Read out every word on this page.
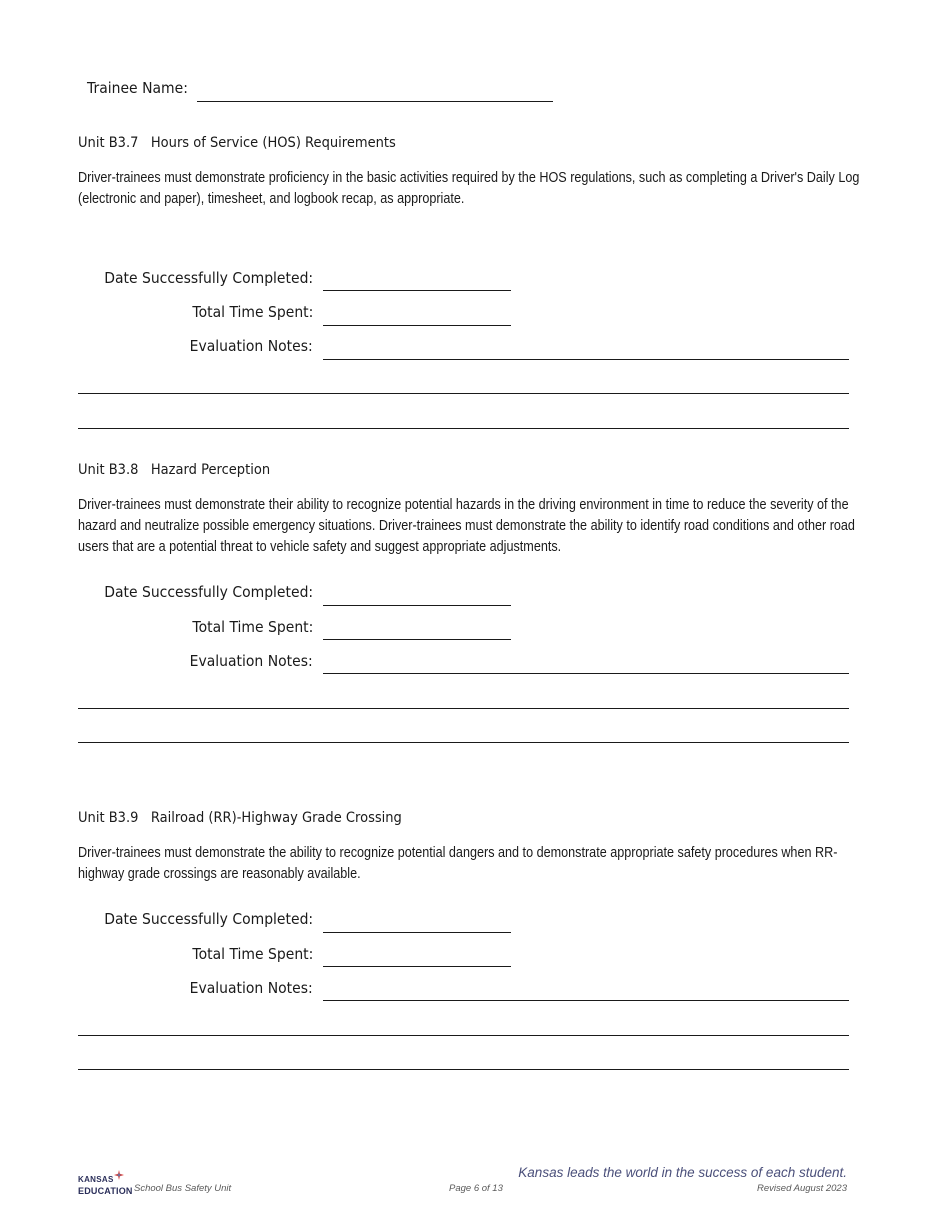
Trainee Name:
Unit B3.7 Hours of Service (HOS) Requirements
Driver-trainees must demonstrate proficiency in the basic activities required by the HOS regulations, such as completing a Driver's Daily Log (electronic and paper), timesheet, and logbook recap, as appropriate.
Date Successfully Completed:
Total Time Spent:
Evaluation Notes:
Unit B3.8 Hazard Perception
Driver-trainees must demonstrate their ability to recognize potential hazards in the driving environment in time to reduce the severity of the hazard and neutralize possible emergency situations. Driver-trainees must demonstrate the ability to identify road conditions and other road users that are a potential threat to vehicle safety and suggest appropriate adjustments.
Date Successfully Completed:
Total Time Spent:
Evaluation Notes:
Unit B3.9 Railroad (RR)-Highway Grade Crossing
Driver-trainees must demonstrate the ability to recognize potential dangers and to demonstrate appropriate safety procedures when RR-highway grade crossings are reasonably available.
Date Successfully Completed:
Total Time Spent:
Evaluation Notes:
KANSAS
EDUCATION School Bus Safety Unit	Page 6 of 13
Kansas leads the world in the success of each student.
Revised August 2023
